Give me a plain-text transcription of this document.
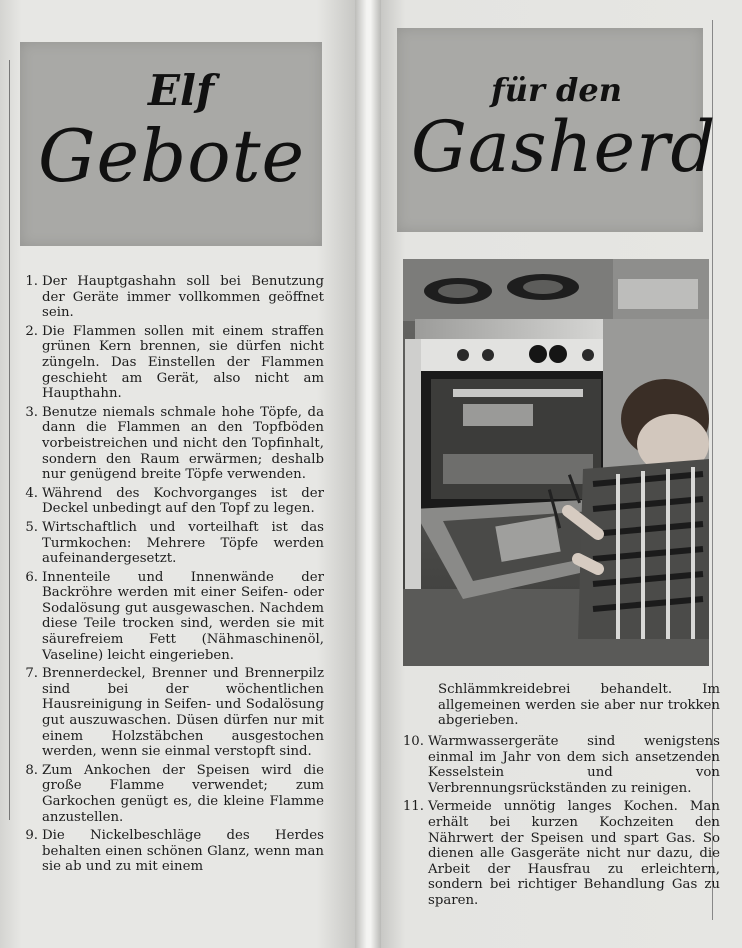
Elf
Gebote
für den
Gasherd
1. Der Hauptgashahn soll bei Benutzung der Geräte immer vollkommen geöffnet sein.
2. Die Flammen sollen mit einem straffen grünen Kern brennen, sie dürfen nicht züngeln. Das Einstellen der Flammen geschieht am Gerät, also nicht am Haupthahn.
3. Benutze niemals schmale hohe Töpfe, da dann die Flammen an den Topfböden vorbeistreichen und nicht den Topfinhalt, sondern den Raum erwärmen; deshalb nur genügend breite Töpfe verwenden.
4. Während des Kochvorganges ist der Deckel unbedingt auf den Topf zu legen.
5. Wirtschaftlich und vorteilhaft ist das Turmkochen: Mehrere Töpfe werden aufeinandergesetzt.
6. Innenteile und Innenwände der Backröhre werden mit einer Seifen- oder Sodalösung gut ausgewaschen. Nachdem diese Teile trocken sind, werden sie mit säurefreiem Fett (Nähmaschinenöl, Vaseline) leicht eingerieben.
7. Brennerdeckel, Brenner und Brennerpilz sind bei der wöchentlichen Hausreinigung in Seifen- und Sodalösung gut auszuwaschen. Düsen dürfen nur mit einem Holzstäbchen ausgestochen werden, wenn sie einmal verstopft sind.
8. Zum Ankochen der Speisen wird die große Flamme verwendet; zum Garkochen genügt es, die kleine Flamme anzustellen.
9. Die Nickelbeschläge des Herdes behalten einen schönen Glanz, wenn man sie ab und zu mit einem
Schlämmkreidebrei behandelt. Im allgemeinen werden sie aber nur trokken abgerieben.
10. Warmwassergeräte sind wenigstens einmal im Jahr von dem sich ansetzenden Kesselstein und von Verbrennungsrückständen zu reinigen.
11. Vermeide unnötig langes Kochen. Man erhält bei kurzen Kochzeiten den Nährwert der Speisen und spart Gas. So dienen alle Gasgeräte nicht nur dazu, die Arbeit der Hausfrau zu erleichtern, sondern bei richtiger Behandlung Gas zu sparen.
